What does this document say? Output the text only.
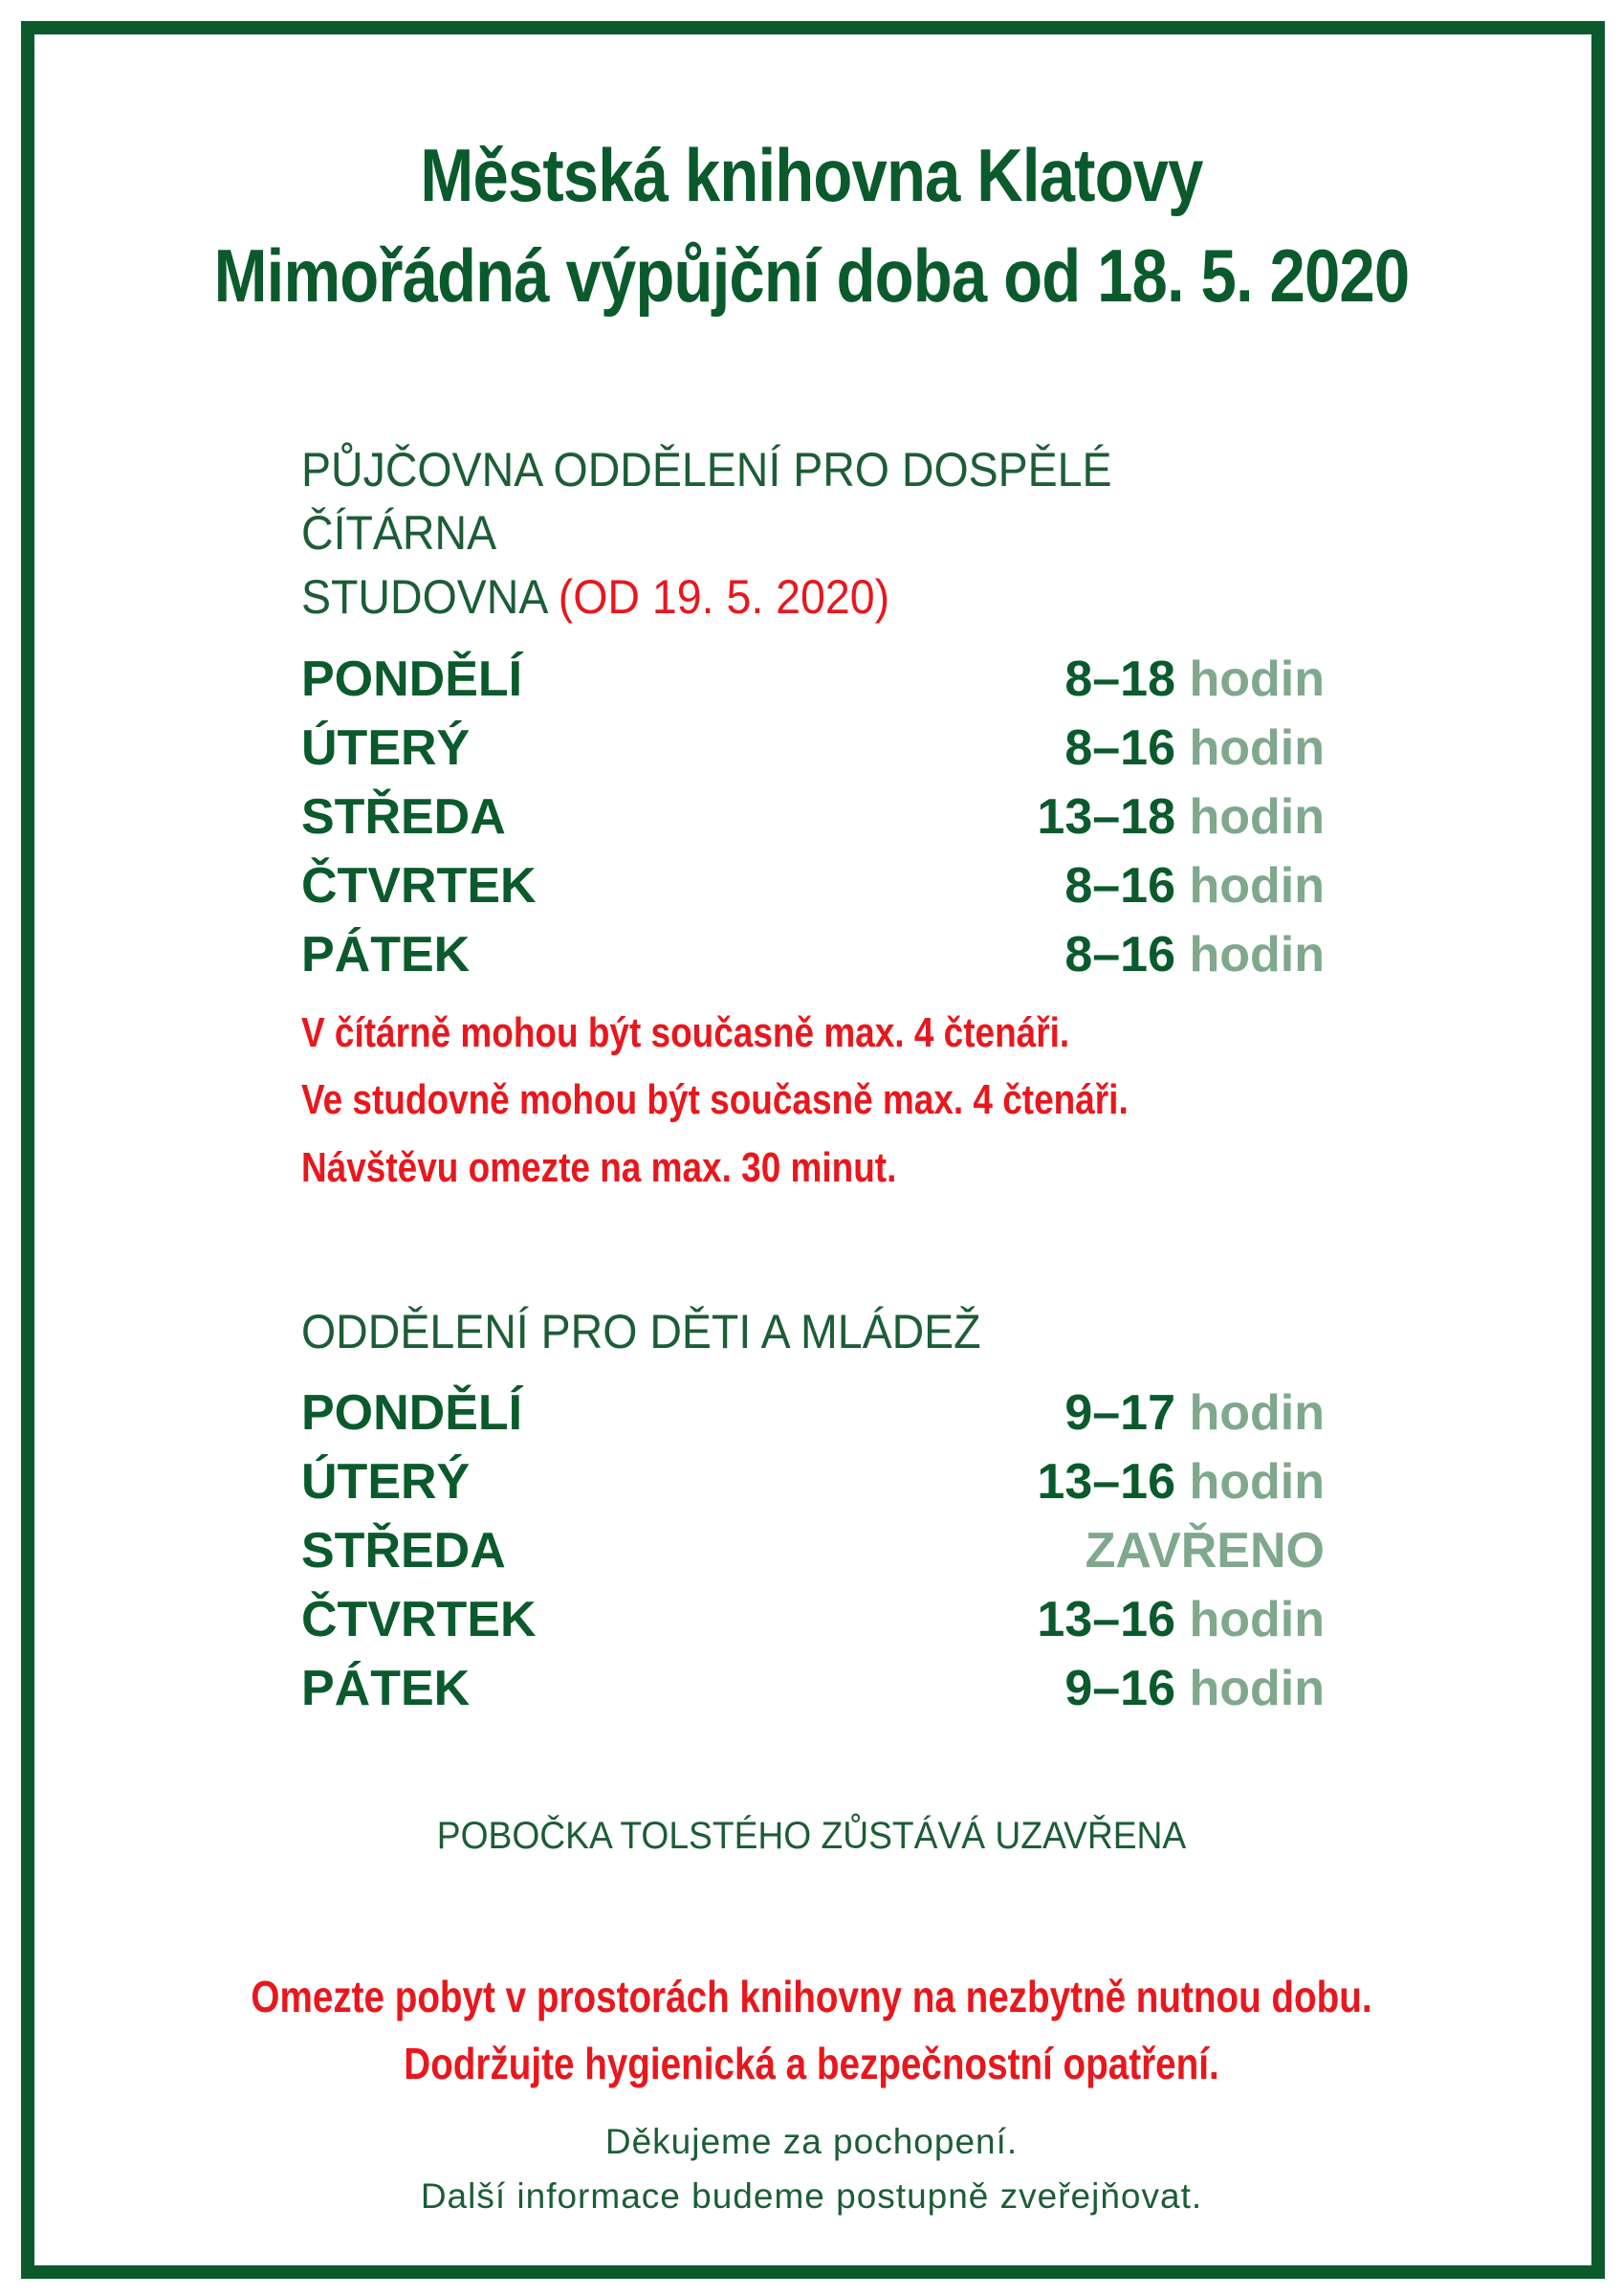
Městská knihovna Klatovy
Mimořádná výpůjční doba od 18. 5. 2020
PŮJČOVNA ODDĚLENÍ PRO DOSPĚLÉ
ČÍTÁRNA
STUDOVNA (OD 19. 5. 2020)
PONDĚLÍ	8–18 hodin
ÚTERÝ	8–16 hodin
STŘEDA	13–18 hodin
ČTVRTEK	8–16 hodin
PÁTEK	8–16 hodin
V čítárně mohou být současně max. 4 čtenáři.
Ve studovně mohou být současně max. 4 čtenáři.
Návštěvu omezte na max. 30 minut.
ODDĚLENÍ PRO DĚTI A MLÁDEŽ
PONDĚLÍ	9–17 hodin
ÚTERÝ	13–16 hodin
STŘEDA	ZAVŘENO
ČTVRTEK	13–16 hodin
PÁTEK	9–16 hodin
POBOČKA TOLSTÉHO ZŮSTÁVÁ UZAVŘENA
Omezte pobyt v prostorách knihovny na nezbytně nutnou dobu.
Dodržujte hygienická a bezpečnostní opatření.
Děkujeme za pochopení.
Další informace budeme postupně zveřejňovat.
